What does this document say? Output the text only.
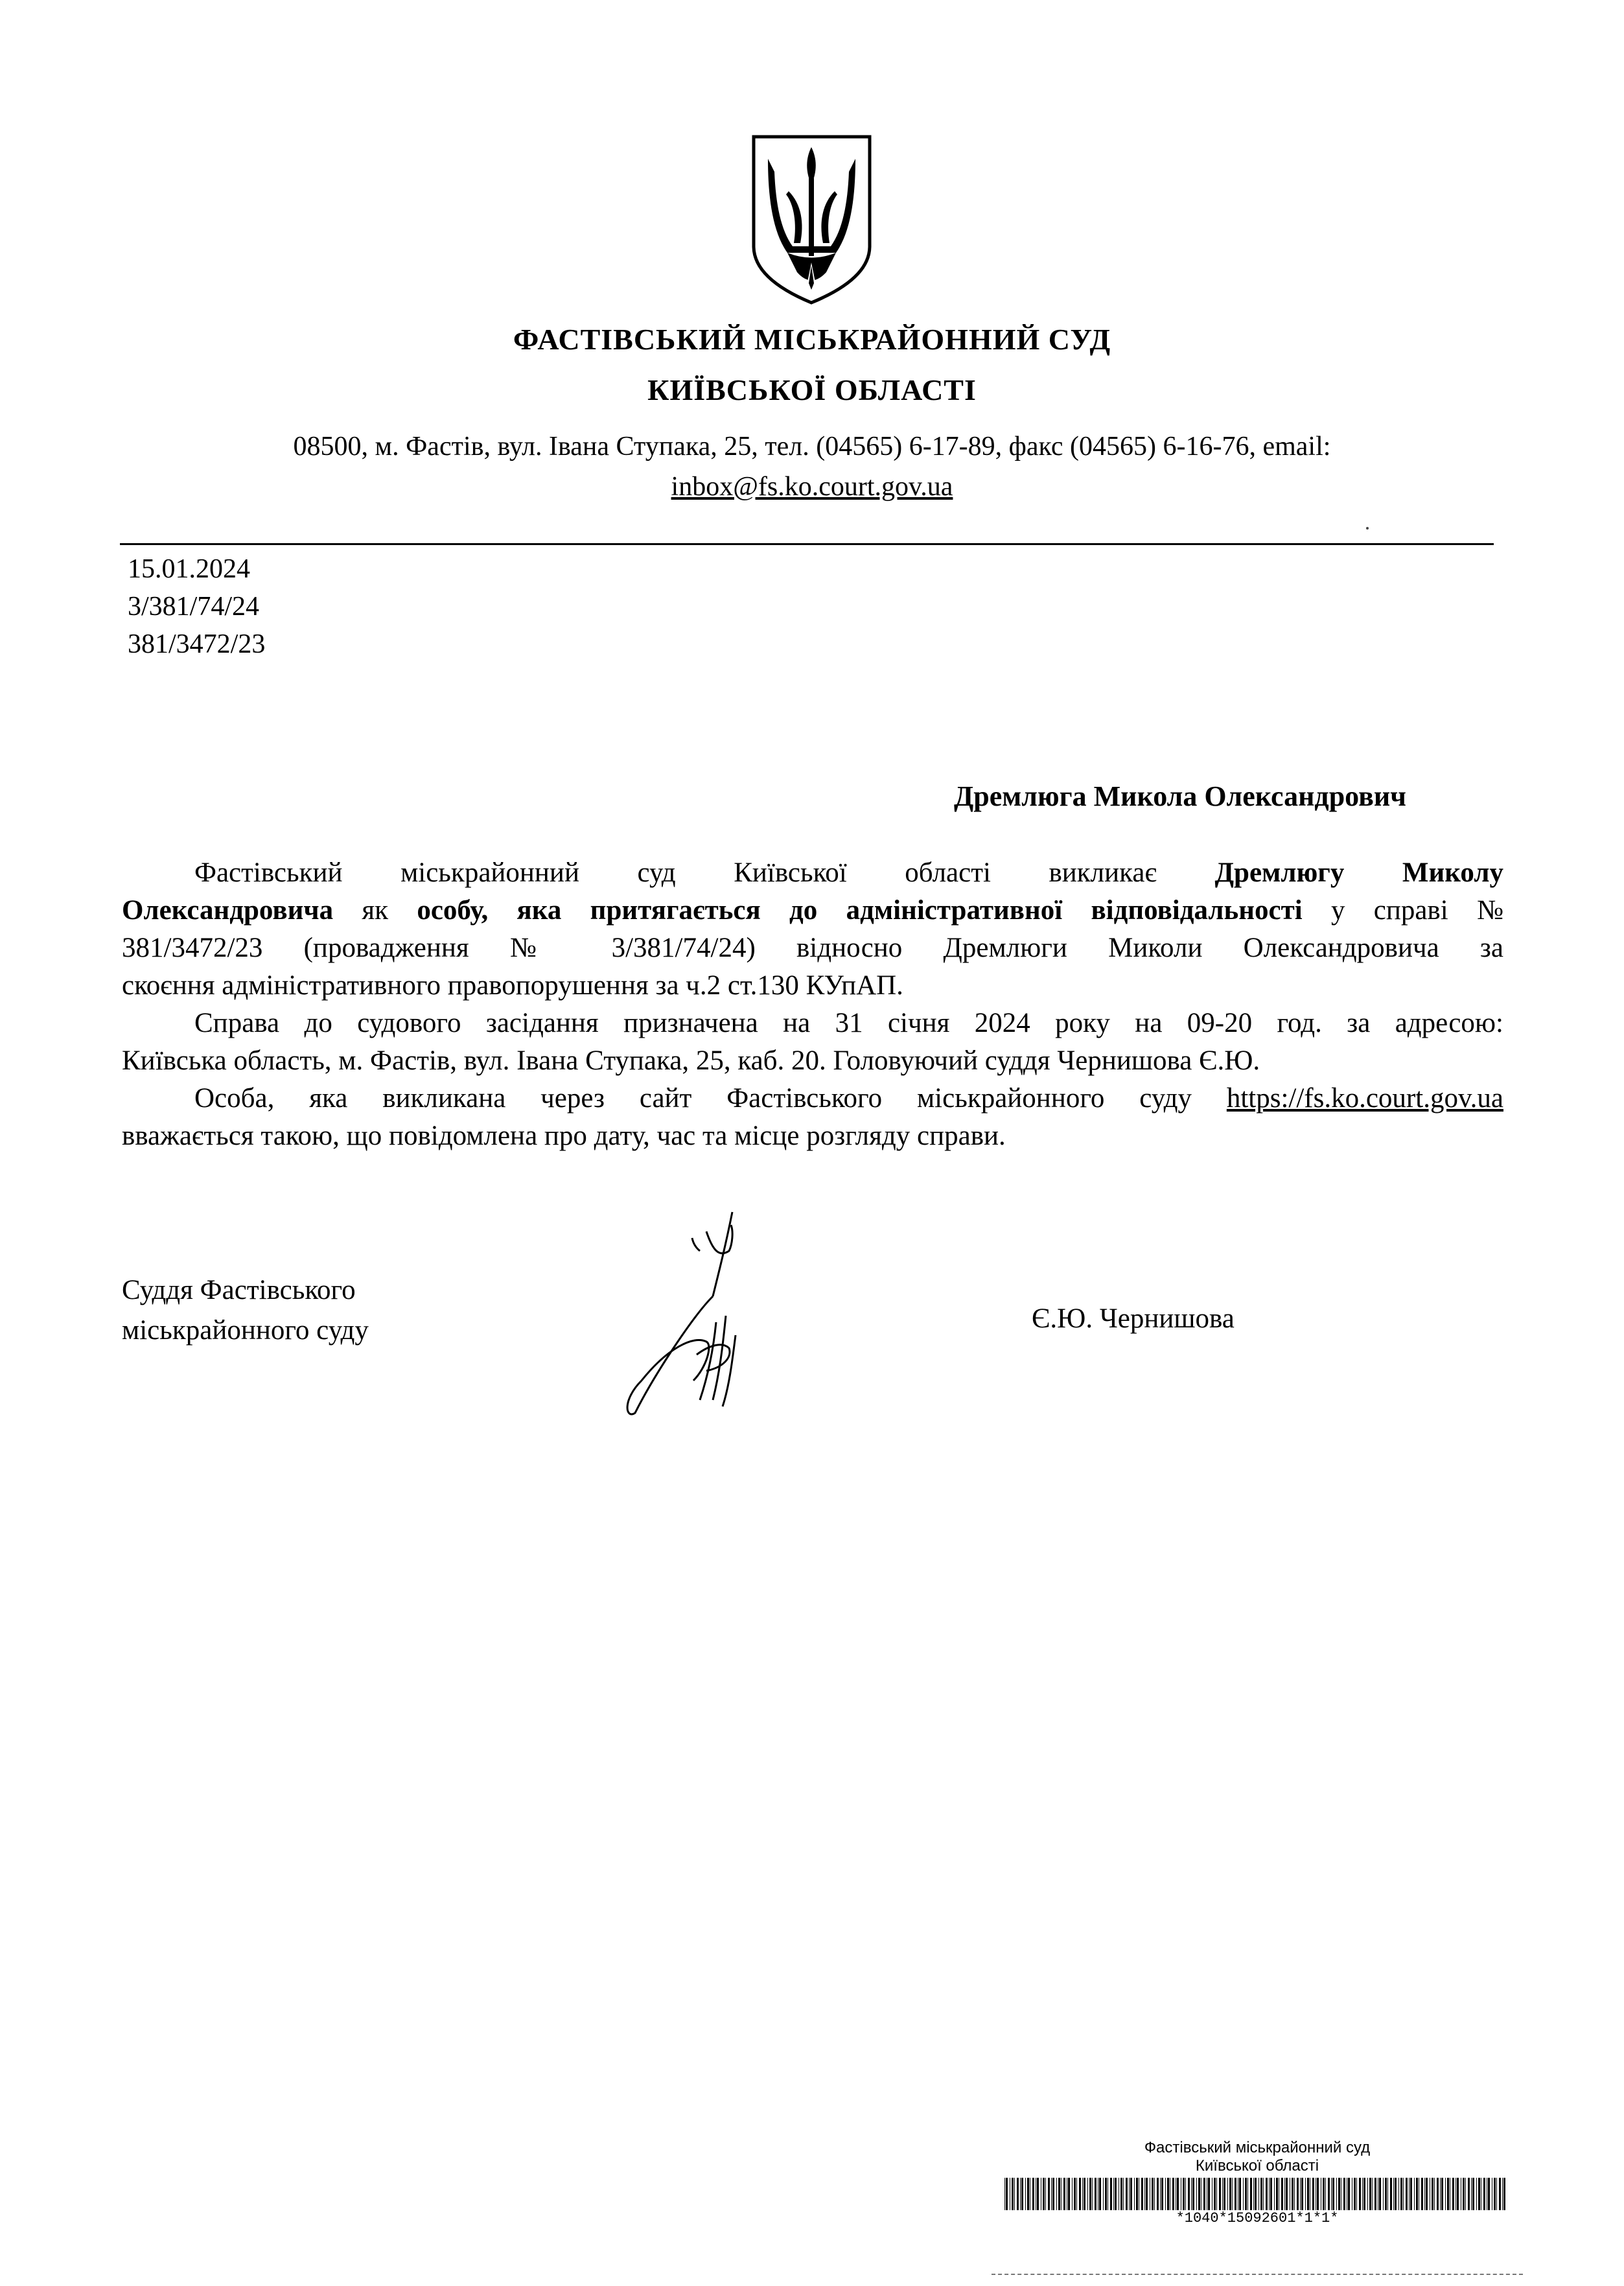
ФАСТІВСЬКИЙ МІСЬКРАЙОННИЙ СУД
КИЇВСЬКОЇ ОБЛАСТІ
08500, м. Фастів, вул. Івана Ступака, 25, тел. (04565) 6-17-89, факс (04565) 6-16-76, email:
inbox@fs.ko.court.gov.ua
15.01.2024
3/381/74/24
381/3472/23
Дремлюга Микола Олександрович
Фастівський міськрайонний суд Київської області викликає Дремлюгу Миколу
Олександровича як особу, яка притягається до адміністративної відповідальності у справі №
381/3472/23 (провадження № 3/381/74/24) відносно Дремлюги Миколи Олександровича за
скоєння адміністративного правопорушення за ч.2 ст.130 КУпАП.
Справа до судового засідання призначена на 31 січня 2024 року на 09-20 год. за адресою:
Київська область, м. Фастів, вул. Івана Ступака, 25, каб. 20. Головуючий суддя Чернишова Є.Ю.
Особа, яка викликана через сайт Фастівського міськрайонного суду https://fs.ko.court.gov.ua
вважається такою, що повідомлена про дату, час та місце розгляду справи.
Суддя Фастівського
міськрайонного суду	Є.Ю. Чернишова
Фастівський міськрайонний суд
Київської області
*1040*15092601*1*1*
